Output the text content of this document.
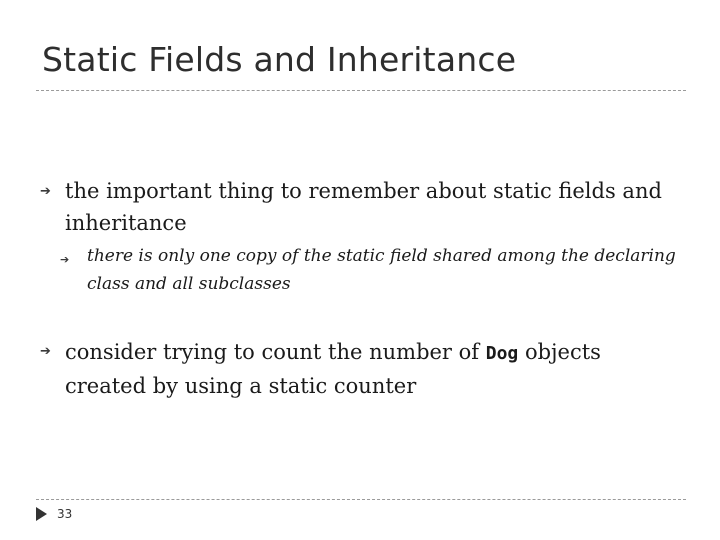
Static Fields and Inheritance
➔ the important thing to remember about static fields and inheritance
➔ there is only one copy of the static field shared among the declaring class and all subclasses
➔ consider trying to count the number of Dog objects created by using a static counter
33
